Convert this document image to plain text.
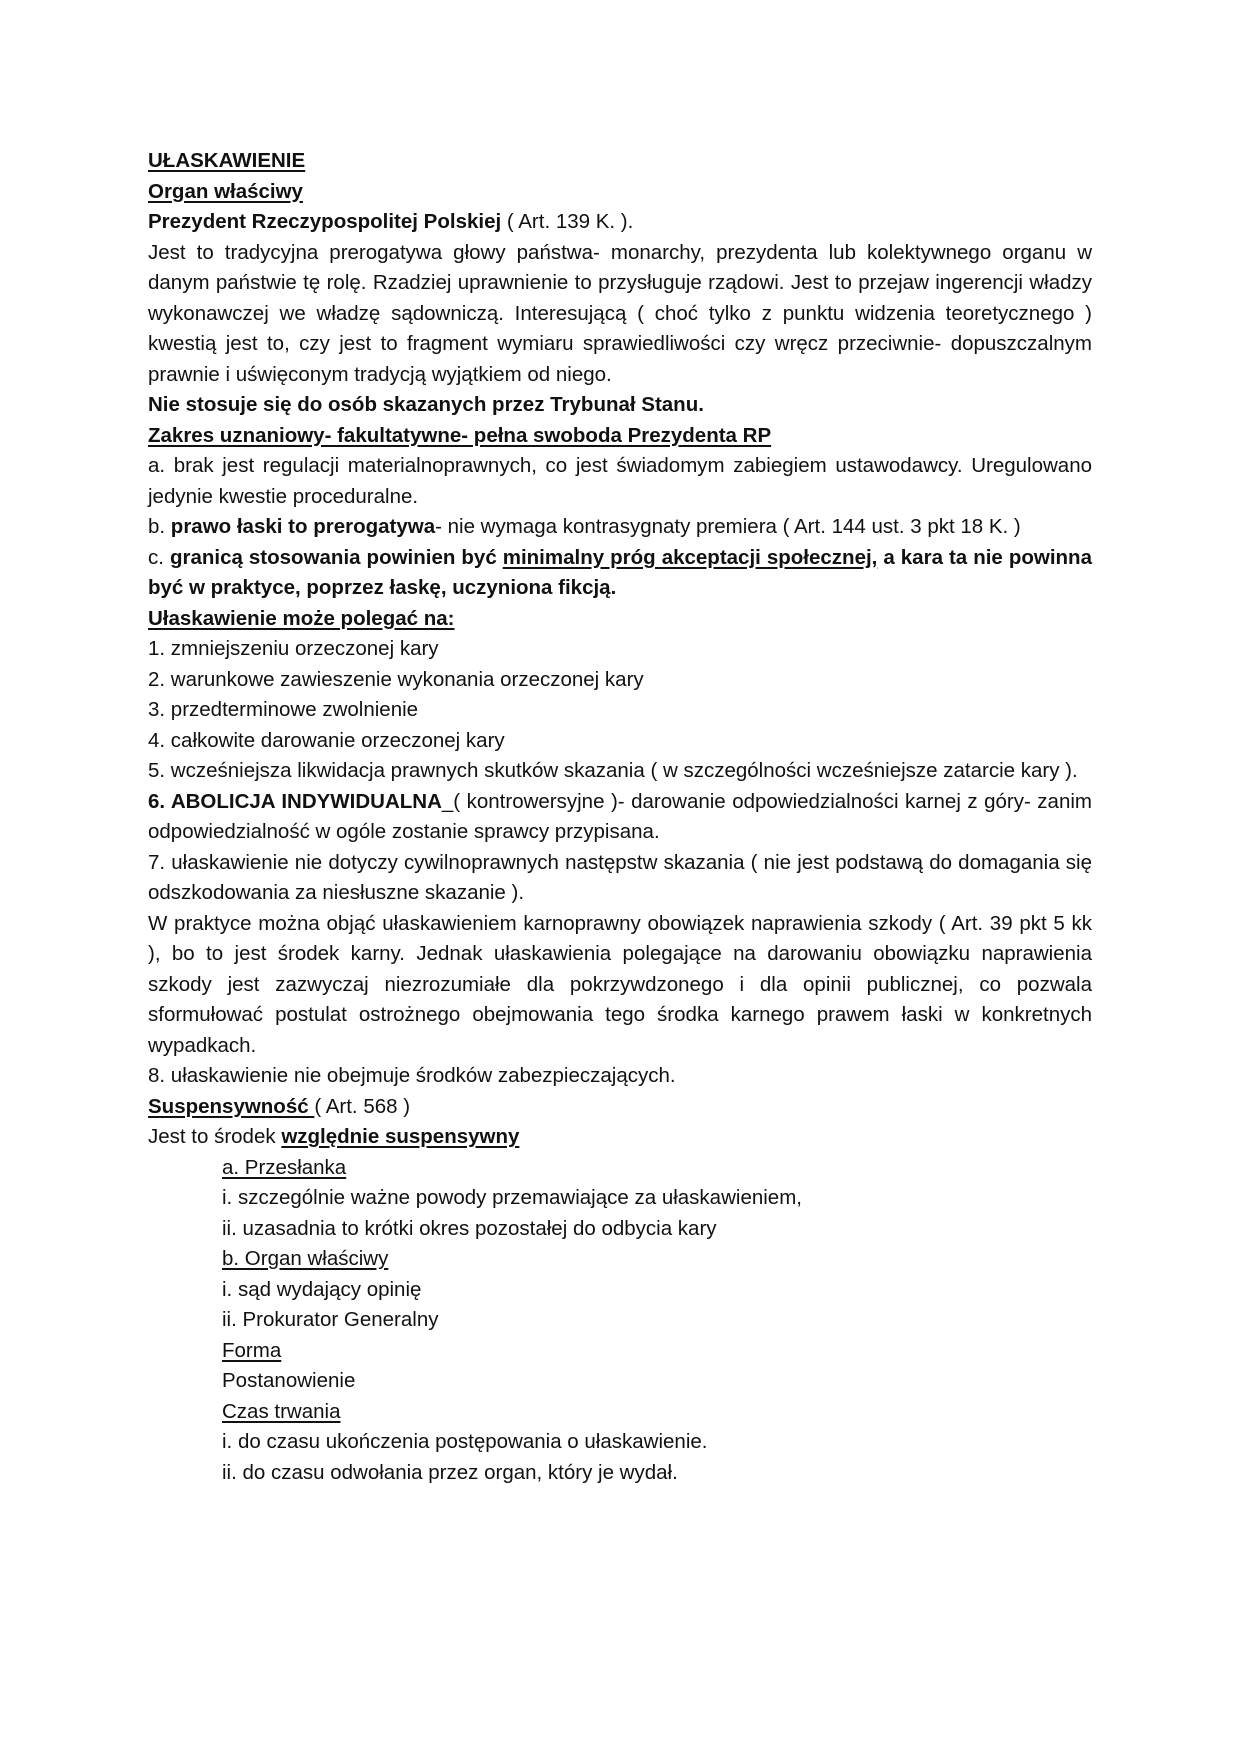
UŁASKAWIENIE

Organ właściwy

Prezydent Rzeczypospolitej Polskiej ( Art. 139 K. ).

Jest to tradycyjna prerogatywa głowy państwa- monarchy, prezydenta lub kolektywnego organu w danym państwie tę rolę. Rzadziej uprawnienie to przysługuje rządowi. Jest to przejaw ingerencji władzy wykonawczej we władzę sądowniczą. Interesującą ( choć tylko z punktu widzenia teoretycznego ) kwestią jest to, czy jest to fragment wymiaru sprawiedliwości czy wręcz przeciwnie- dopuszczalnym prawnie i uświęconym tradycją wyjątkiem od niego.

Nie stosuje się do osób skazanych przez Trybunał Stanu.

Zakres uznaniowy- fakultatywne- pełna swoboda Prezydenta RP

a. brak jest regulacji materialnoprawnych, co jest świadomym zabiegiem ustawodawcy. Uregulowano jedynie kwestie proceduralne.

b. prawo łaski to prerogatywa- nie wymaga kontrasygnaty premiera ( Art. 144 ust. 3 pkt 18 K. )

c. granicą stosowania powinien być minimalny próg akceptacji społecznej, a kara ta nie powinna być w praktyce, poprzez łaskę, uczyniona fikcją.

Ułaskawienie może polegać na:

1. zmniejszeniu orzeczonej kary

2. warunkowe zawieszenie wykonania orzeczonej kary

3. przedterminowe zwolnienie

4. całkowite darowanie orzeczonej kary

5. wcześniejsza likwidacja prawnych skutków skazania ( w szczególności wcześniejsze zatarcie kary ).

6. ABOLICJA INDYWIDUALNA_( kontrowersyjne )- darowanie odpowiedzialności karnej z góry- zanim odpowiedzialność w ogóle zostanie sprawcy przypisana.

7. ułaskawienie nie dotyczy cywilnoprawnych następstw skazania ( nie jest podstawą do domagania się odszkodowania za niesłuszne skazanie ).

W praktyce można objąć ułaskawieniem karnoprawny obowiązek naprawienia szkody ( Art. 39 pkt 5 kk ), bo to jest środek karny. Jednak ułaskawienia polegające na darowaniu obowiązku naprawienia szkody jest zazwyczaj niezrozumiałe dla pokrzywdzonego i dla opinii publicznej, co pozwala sformułować postulat ostrożnego obejmowania tego środka karnego prawem łaski w konkretnych wypadkach.

8. ułaskawienie nie obejmuje środków zabezpieczających.

Suspensywność ( Art. 568 )

Jest to środek względnie suspensywny

a. Przesłanka

i. szczególnie ważne powody przemawiające za ułaskawieniem,

ii. uzasadnia to krótki okres pozostałej do odbycia kary

b. Organ właściwy

i. sąd wydający opinię

ii. Prokurator Generalny

Forma

Postanowienie

Czas trwania

i. do czasu ukończenia postępowania o ułaskawienie.

ii. do czasu odwołania przez organ, który je wydał.
